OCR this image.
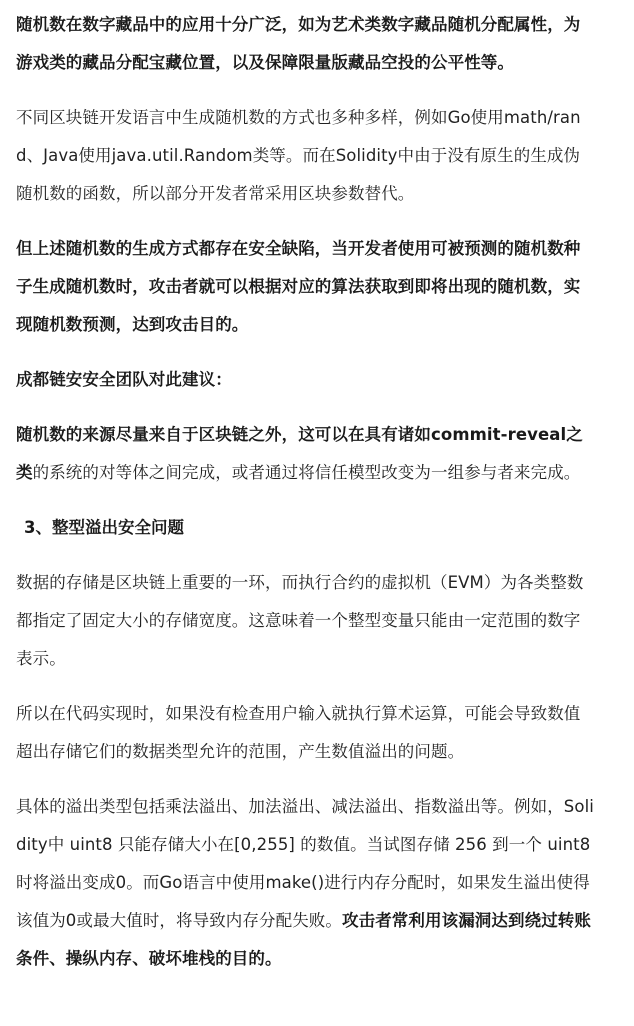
随机数在数字藏品中的应用十分广泛，如为艺术类数字藏品随机分配属性，为游戏类的藏品分配宝藏位置，以及保障限量版藏品空投的公平性等。

不同区块链开发语言中生成随机数的方式也多种多样，例如Go使用math/rand、Java使用java.util.Random类等。而在Solidity中由于没有原生的生成伪随机数的函数，所以部分开发者常采用区块参数替代。

但上述随机数的生成方式都存在安全缺陷，当开发者使用可被预测的随机数种子生成随机数时，攻击者就可以根据对应的算法获取到即将出现的随机数，实现随机数预测，达到攻击目的。

成都链安安全团队对此建议：

随机数的来源尽量来自于区块链之外，这可以在具有诸如commit-reveal之类的系统的对等体之间完成，或者通过将信任模型改变为一组参与者来完成。

3、整型溢出安全问题

数据的存储是区块链上重要的一环，而执行合约的虚拟机（EVM）为各类整数都指定了固定大小的存储宽度。这意味着一个整型变量只能由一定范围的数字表示。

所以在代码实现时，如果没有检查用户输入就执行算术运算，可能会导致数值超出存储它们的数据类型允许的范围，产生数值溢出的问题。

具体的溢出类型包括乘法溢出、加法溢出、减法溢出、指数溢出等。例如，Solidity中 uint8 只能存储大小在[0,255] 的数值。当试图存储 256 到一个 uint8 时将溢出变成0。而Go语言中使用make()进行内存分配时，如果发生溢出使得该值为0或最大值时，将导致内存分配失败。攻击者常利用该漏洞达到绕过转账条件、操纵内存、破坏堆栈的目的。
